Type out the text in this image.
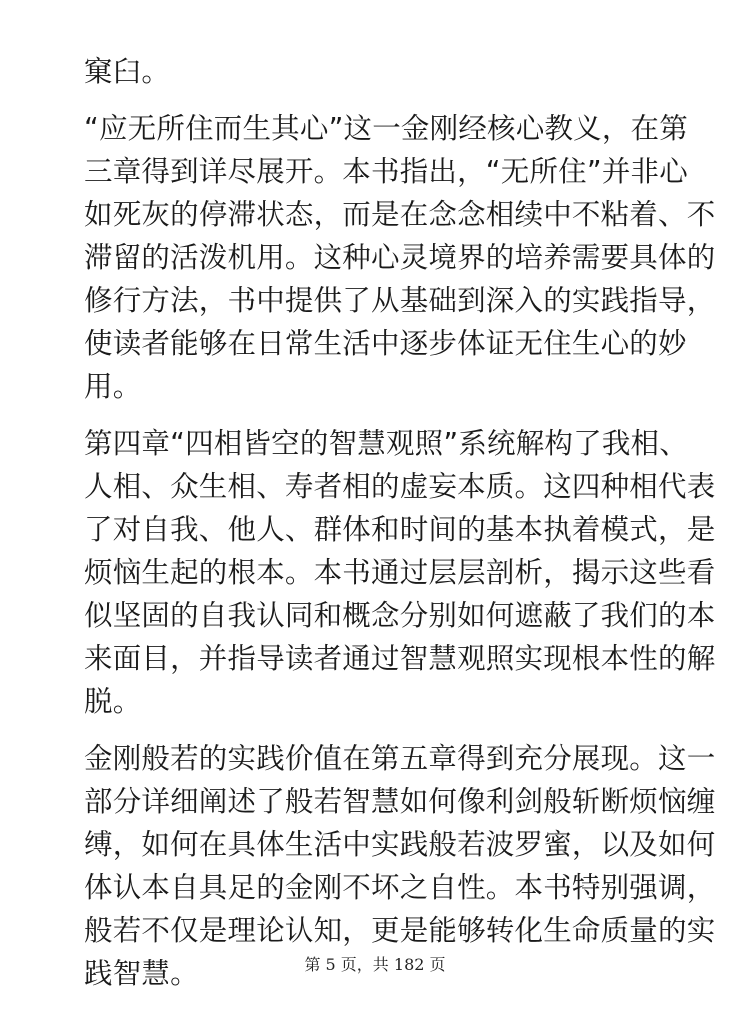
窠臼。

“应无所住而生其心”这一金刚经核心教义，在第
三章得到详尽展开。本书指出，“无所住”并非心
如死灰的停滞状态，而是在念念相续中不粘着、不
滞留的活泼机用。这种心灵境界的培养需要具体的
修行方法，书中提供了从基础到深入的实践指导，
使读者能够在日常生活中逐步体证无住生心的妙
用。

第四章“四相皆空的智慧观照”系统解构了我相、
人相、众生相、寿者相的虚妄本质。这四种相代表
了对自我、他人、群体和时间的基本执着模式，是
烦恼生起的根本。本书通过层层剖析，揭示这些看
似坚固的自我认同和概念分别如何遮蔽了我们的本
来面目，并指导读者通过智慧观照实现根本性的解
脱。

金刚般若的实践价值在第五章得到充分展现。这一
部分详细阐述了般若智慧如何像利剑般斩断烦恼缠
缚，如何在具体生活中实践般若波罗蜜，以及如何
体认本自具足的金刚不坏之自性。本书特别强调，
般若不仅是理论认知，更是能够转化生命质量的实
践智慧。	第 5 页，共 182 页
